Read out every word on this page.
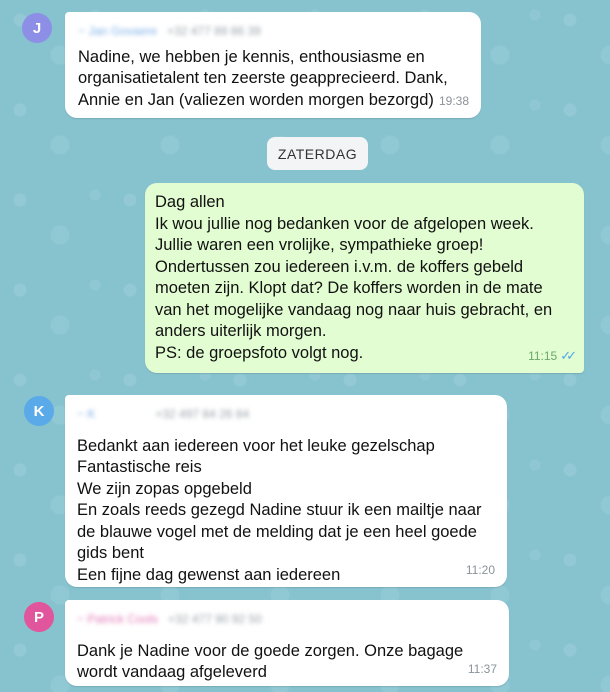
J	~ Jan Govaere +32 477 89 86 39
Nadine, we hebben je kennis, enthousiasme en
organisatietalent ten zeerste geapprecieerd. Dank,
Annie en Jan (valiezen worden morgen bezorgd) 19:38
ZATERDAG
Dag allen
Ik wou jullie nog bedanken voor de afgelopen week.
Jullie waren een vrolijke, sympathieke groep!
Ondertussen zou iedereen i.v.m. de koffers gebeld
moeten zijn. Klopt dat? De koffers worden in de mate
van het mogelijke vandaag nog naar huis gebracht, en
anders uiterlijk morgen.
PS: de groepsfoto volgt nog.	11:15 ✓✓
K	~ K	+32 497 84 26 84
Bedankt aan iedereen voor het leuke gezelschap
Fantastische reis
We zijn zopas opgebeld
En zoals reeds gezegd Nadine stuur ik een mailtje naar
de blauwe vogel met de melding dat je een heel goede
gids bent
Een fijne dag gewenst aan iedereen	11:20
P	~ Patrick Cools +32 477 90 92 50
Dank je Nadine voor de goede zorgen. Onze bagage
wordt vandaag afgeleverd	11:37
